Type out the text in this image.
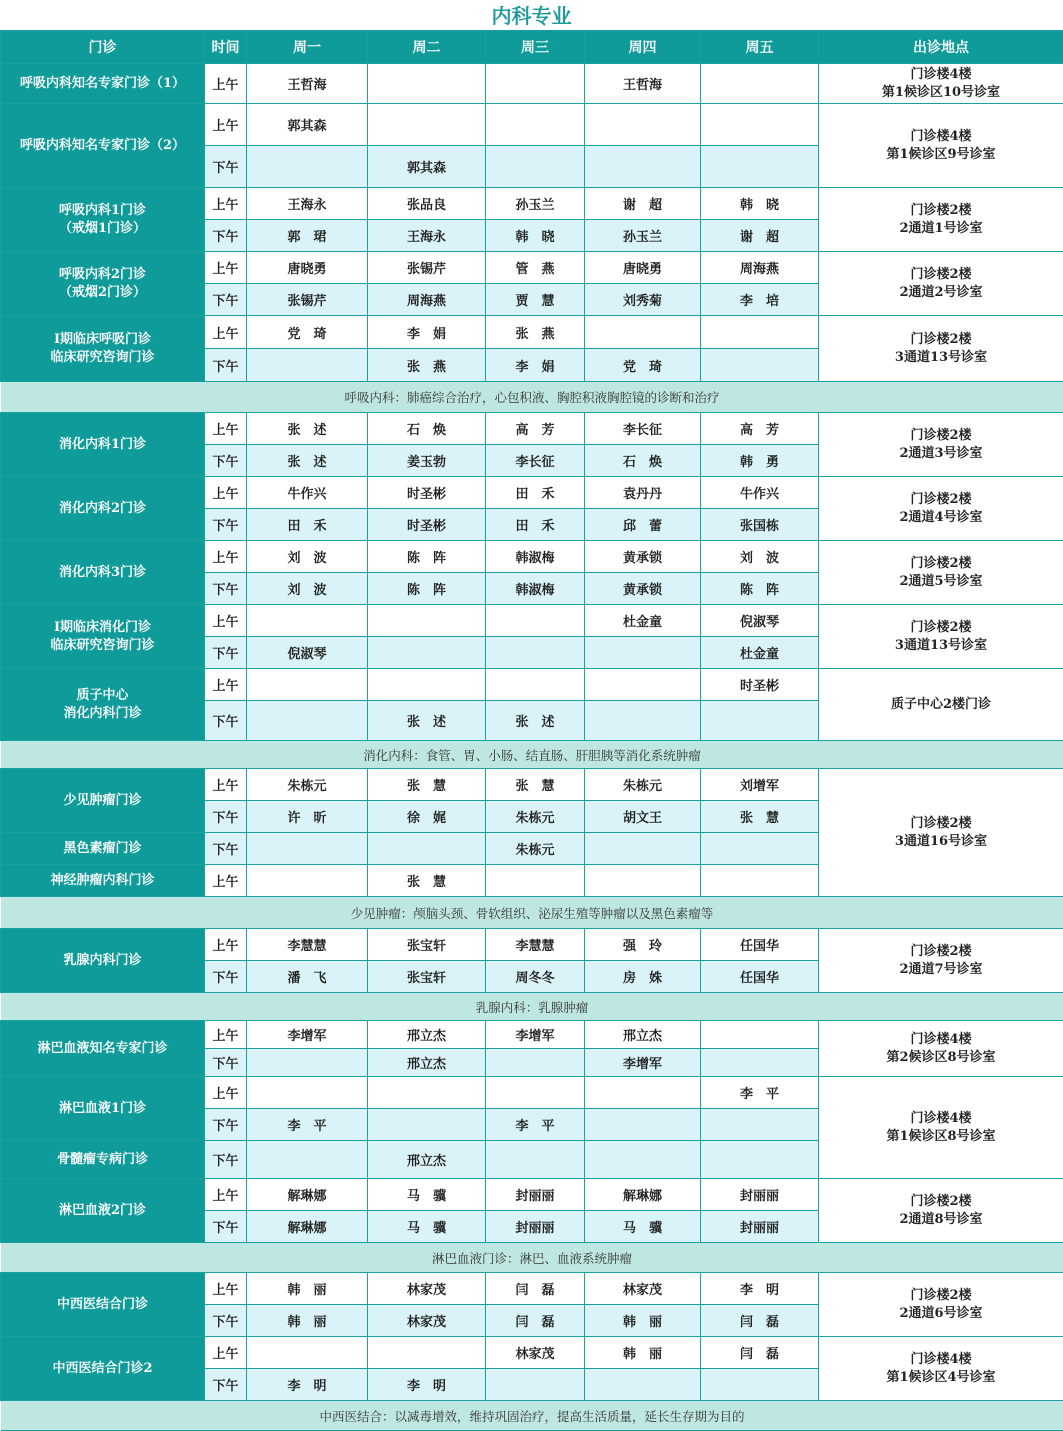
内科专业
门诊	时间	周一	周二	周三	周四	周五	出诊地点

呼吸内科知名专家门诊（1）	上午	王哲海			王哲海		门诊楼4楼
第1候诊区10号诊室

呼吸内科知名专家门诊（2）	上午	郭其森					门诊楼4楼
第1候诊区9号诊室

	下午		郭其森				

呼吸内科1门诊
（戒烟1门诊）	上午	王海永	张品良	孙玉兰	谢　超	韩　晓	门诊楼2楼
2通道1号诊室

	下午	郭　珺	王海永	韩　晓	孙玉兰	谢　超	

呼吸内科2门诊
（戒烟2门诊）	上午	唐晓勇	张锡芹	管　燕	唐晓勇	周海燕	门诊楼2楼
2通道2号诊室

	下午	张锡芹	周海燕	贾　慧	刘秀菊	李　培	

Ⅰ期临床呼吸门诊
临床研究咨询门诊	上午	党　琦	李　娟	张　燕			门诊楼2楼
3通道13号诊室

	下午		张　燕	李　娟	党　琦		
呼吸内科：肺癌综合治疗，心包积液、胸腔积液胸腔镜的诊断和治疗							

消化内科1门诊	上午	张　述	石　焕	高　芳	李长征	高　芳	门诊楼2楼
2通道3号诊室

	下午	张　述	姜玉勃	李长征	石　焕	韩　勇	

消化内科2门诊	上午	牛作兴	时圣彬	田　禾	袁丹丹	牛作兴	门诊楼2楼
2通道4号诊室

	下午	田　禾	时圣彬	田　禾	邱　蕾	张国栋	

消化内科3门诊	上午	刘　波	陈　阵	韩淑梅	黄承锁	刘　波	门诊楼2楼
2通道5号诊室

	下午	刘　波	陈　阵	韩淑梅	黄承锁	陈　阵	

Ⅰ期临床消化门诊
临床研究咨询门诊	上午				杜金童	倪淑琴	门诊楼2楼
3通道13号诊室

	下午	倪淑琴				杜金童	

质子中心
消化内科门诊	上午					时圣彬	质子中心2楼门诊

	下午		张　述	张　述			
消化内科：食管、胃、小肠、结直肠、肝胆胰等消化系统肿瘤							

少见肿瘤门诊	上午	朱栋元	张　慧	张　慧	朱栋元	刘增军	门诊楼2楼
3通道16号诊室

	下午	许　昕	徐　娓	朱栋元	胡文王	张　慧	

黑色素瘤门诊	下午			朱栋元			

神经肿瘤内科门诊	上午		张　慧				
少见肿瘤：颅脑头颈、骨软组织、泌尿生殖等肿瘤以及黑色素瘤等							

乳腺内科门诊	上午	李慧慧	张宝轩	李慧慧	强　玲	任国华	门诊楼2楼
2通道7号诊室

	下午	潘　飞	张宝轩	周冬冬	房　姝	任国华	
乳腺内科：乳腺肿瘤							

淋巴血液知名专家门诊	上午	李增军	邢立杰	李增军	邢立杰		门诊楼4楼
第2候诊区8号诊室

	下午		邢立杰		李增军		

淋巴血液1门诊	上午					李　平	门诊楼4楼
第1候诊区8号诊室

	下午	李　平		李　平			

骨髓瘤专病门诊	下午		邢立杰				

淋巴血液2门诊	上午	解琳娜	马　骥	封丽丽	解琳娜	封丽丽	门诊楼2楼
2通道8号诊室

	下午	解琳娜	马　骥	封丽丽	马　骥	封丽丽	
淋巴血液门诊：淋巴、血液系统肿瘤							

中西医结合门诊	上午	韩　丽	林家茂	闫　磊	林家茂	李　明	门诊楼2楼
2通道6号诊室

	下午	韩　丽	林家茂	闫　磊	韩　丽	闫　磊	

中西医结合门诊2	上午			林家茂	韩　丽	闫　磊	门诊楼4楼
第1候诊区4号诊室

	下午	李　明	李　明				
中西医结合：以减毒增效，维持巩固治疗，提高生活质量，延长生存期为目的							
